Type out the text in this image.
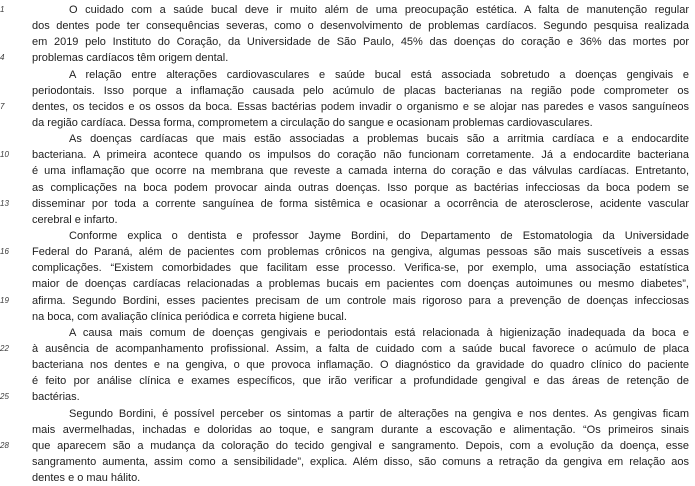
1	O cuidado com a saúde bucal deve ir muito além de uma preocupação estética. A falta de manutenção regular
dos dentes pode ter consequências severas, como o desenvolvimento de problemas cardíacos. Segundo pesquisa realizada
em 2019 pelo Instituto do Coração, da Universidade de São Paulo, 45% das doenças do coração e 36% das mortes por
4	problemas cardíacos têm origem dental.
A relação entre alterações cardiovasculares e saúde bucal está associada sobretudo a doenças gengivais e
periodontais. Isso porque a inflamação causada pelo acúmulo de placas bacterianas na região pode comprometer os
7	dentes, os tecidos e os ossos da boca. Essas bactérias podem invadir o organismo e se alojar nas paredes e vasos sanguíneos
da região cardíaca. Dessa forma, comprometem a circulação do sangue e ocasionam problemas cardiovasculares.
As doenças cardíacas que mais estão associadas a problemas bucais são a arritmia cardíaca e a endocardite
10	bacteriana. A primeira acontece quando os impulsos do coração não funcionam corretamente. Já a endocardite bacteriana
é uma inflamação que ocorre na membrana que reveste a camada interna do coração e das válvulas cardíacas. Entretanto,
as complicações na boca podem provocar ainda outras doenças. Isso porque as bactérias infecciosas da boca podem se
13	disseminar por toda a corrente sanguínea de forma sistêmica e ocasionar a ocorrência de aterosclerose, acidente vascular
cerebral e infarto.
Conforme explica o dentista e professor Jayme Bordini, do Departamento de Estomatologia da Universidade
16	Federal do Paraná, além de pacientes com problemas crônicos na gengiva, algumas pessoas são mais suscetíveis a essas
complicações. “Existem comorbidades que facilitam esse processo. Verifica-se, por exemplo, uma associação estatística
maior de doenças cardíacas relacionadas a problemas bucais em pacientes com doenças autoimunes ou mesmo diabetes”,
19	afirma. Segundo Bordini, esses pacientes precisam de um controle mais rigoroso para a prevenção de doenças infecciosas
na boca, com avaliação clínica periódica e correta higiene bucal.
A causa mais comum de doenças gengivais e periodontais está relacionada à higienização inadequada da boca e
22	à ausência de acompanhamento profissional. Assim, a falta de cuidado com a saúde bucal favorece o acúmulo de placa
bacteriana nos dentes e na gengiva, o que provoca inflamação. O diagnóstico da gravidade do quadro clínico do paciente
é feito por análise clínica e exames específicos, que irão verificar a profundidade gengival e das áreas de retenção de
25	bactérias.
Segundo Bordini, é possível perceber os sintomas a partir de alterações na gengiva e nos dentes. As gengivas ficam
mais avermelhadas, inchadas e doloridas ao toque, e sangram durante a escovação e alimentação. “Os primeiros sinais
28	que aparecem são a mudança da coloração do tecido gengival e sangramento. Depois, com a evolução da doença, esse
sangramento aumenta, assim como a sensibilidade”, explica. Além disso, são comuns a retração da gengiva em relação aos
dentes e o mau hálito.
